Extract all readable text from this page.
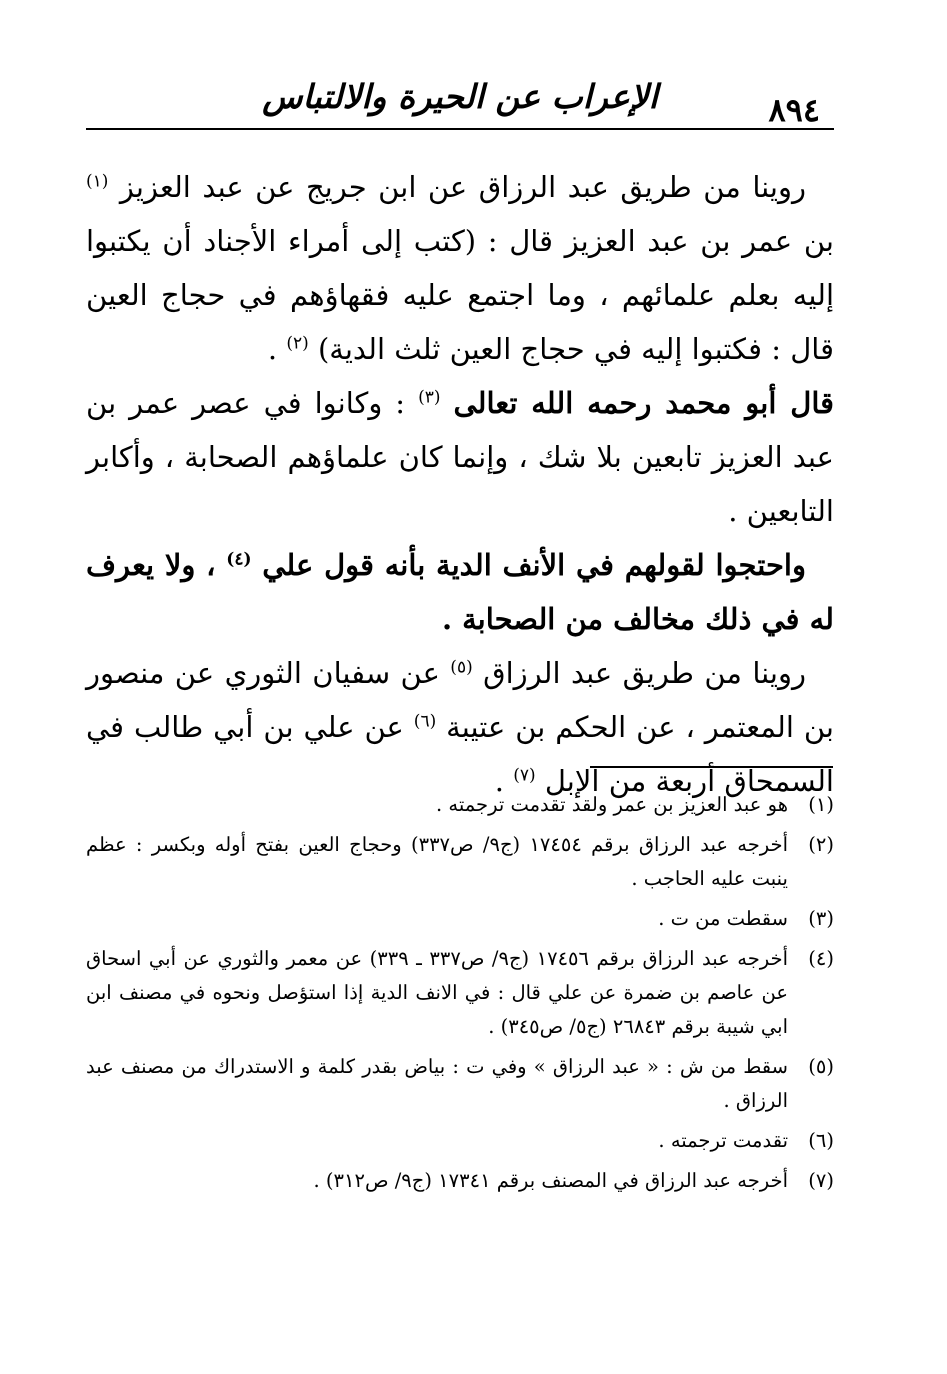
٨٩٤
الإعراب عن الحيرة والالتباس

روينا من طريق عبد الرزاق عن ابن جريج عن عبد العزيز $^{(١)}$ بن عمر بن عبد العزيز قال : (كتب إلى أمراء الأجناد أن يكتبوا إليه بعلم علمائهم ، وما اجتمع عليه فقهاؤهم في حجاج العين قال : فكتبوا إليه في حجاج العين ثلث الدية) $^{(٢)}$ .

قال أبو محمد رحمه الله تعالى $^{(٣)}$ : وكانوا في عصر عمر بن عبد العزيز تابعين بلا شك ، وإنما كان علماؤهم الصحابة ، وأكابر التابعين .

واحتجوا لقولهم في الأنف الدية بأنه قول علي $^{(٤)}$ ، ولا يعرف له في ذلك مخالف من الصحابة .

روينا من طريق عبد الرزاق $^{(٥)}$ عن سفيان الثوري عن منصور بن المعتمر ، عن الحكم بن عتيبة $^{(٦)}$ عن علي بن أبي طالب في السمحاق أربعة من الإبل $^{(٧)}$ .

(١)
هو عبد العزيز بن عمر ولقد تقدمت ترجمته .
(٢)
أخرجه عبد الرزاق برقم ١٧٤٥٤ (ج٩/ ص٣٣٧) وحجاج العين بفتح أوله وبكسر : عظم ينبت عليه الحاجب .
(٣)
سقطت من ت .
(٤)
أخرجه عبد الرزاق برقم ١٧٤٥٦ (ج٩/ ص٣٣٧ ـ ٣٣٩) عن معمر والثوري عن أبي اسحاق عن عاصم بن ضمرة عن علي قال : في الانف الدية إذا استؤصل ونحوه في مصنف ابن ابي شيبة برقم ٢٦٨٤٣ (ج٥/ ص٣٤٥) .
(٥)
سقط من ش : « عبد الرزاق » وفي ت : بياض بقدر كلمة و الاستدراك من مصنف عبد الرزاق .
(٦)
تقدمت ترجمته .
(٧)
أخرجه عبد الرزاق في المصنف برقم ١٧٣٤١ (ج٩/ ص٣١٢) .
